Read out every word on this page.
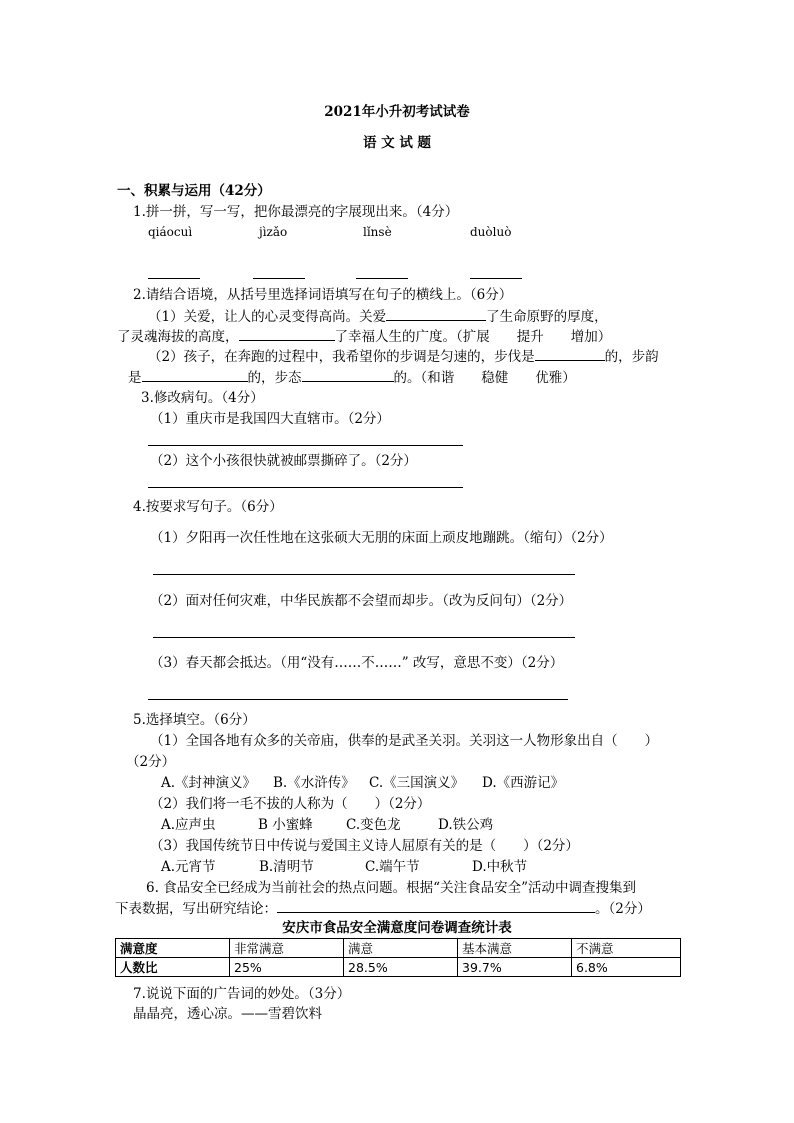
2021年小升初考试试卷
语 文 试 题
一、积累与运用（42分）
1.拼一拼，写一写，把你最漂亮的字展现出来。（4分）
qiáocuì	jìzǎo	lǐnsè	duòluò
2.请结合语境，从括号里选择词语填写在句子的横线上。（6分）
（1）关爱，让人的心灵变得高尚。关爱	了生命原野的厚度，
了灵魂海拔的高度，	了幸福人生的广度。（扩展　　提升　　增加）
（2）孩子，在奔跑的过程中，我希望你的步调是匀速的，步伐是	的，步韵
是	的，步态	的。（和谐　　稳健　　优雅）
3.修改病句。（4分）
（1）重庆市是我国四大直辖市。（2分）
（2）这个小孩很快就被邮票撕碎了。（2分）
4.按要求写句子。（6分）
（1）夕阳再一次任性地在这张硕大无朋的床面上顽皮地蹦跳。（缩句）（2分）
（2）面对任何灾难，中华民族都不会望而却步。（改为反问句）（2分）
（3）春天都会抵达。（用“没有……不……” 改写，意思不变）（2分）
5.选择填空。（6分）
（1）全国各地有众多的关帝庙，供奉的是武圣关羽。关羽这一人物形象出自（　　）
（2分）
A.《封神演义》 B.《水浒传》 C.《三国演义》 D.《西游记》
（2）我们将一毛不拔的人称为（　　）（2分）
A.应声虫	B 小蜜蜂 C.变色龙	D.铁公鸡
（3）我国传统节日中传说与爱国主义诗人屈原有关的是（　　）（2分）
A.元宵节	B.清明节	C.端午节	D.中秋节
6. 食品安全已经成为当前社会的热点问题。根据“关注食品安全”活动中调查搜集到
下表数据，写出研究结论：	。（2分）
安庆市食品安全满意度问卷调查统计表
满意度	非常满意	满意	基本满意	不满意
人数比	25%	28.5%	39.7%	6.8%
7.说说下面的广告词的妙处。（3分）
晶晶亮，透心凉。——雪碧饮料
